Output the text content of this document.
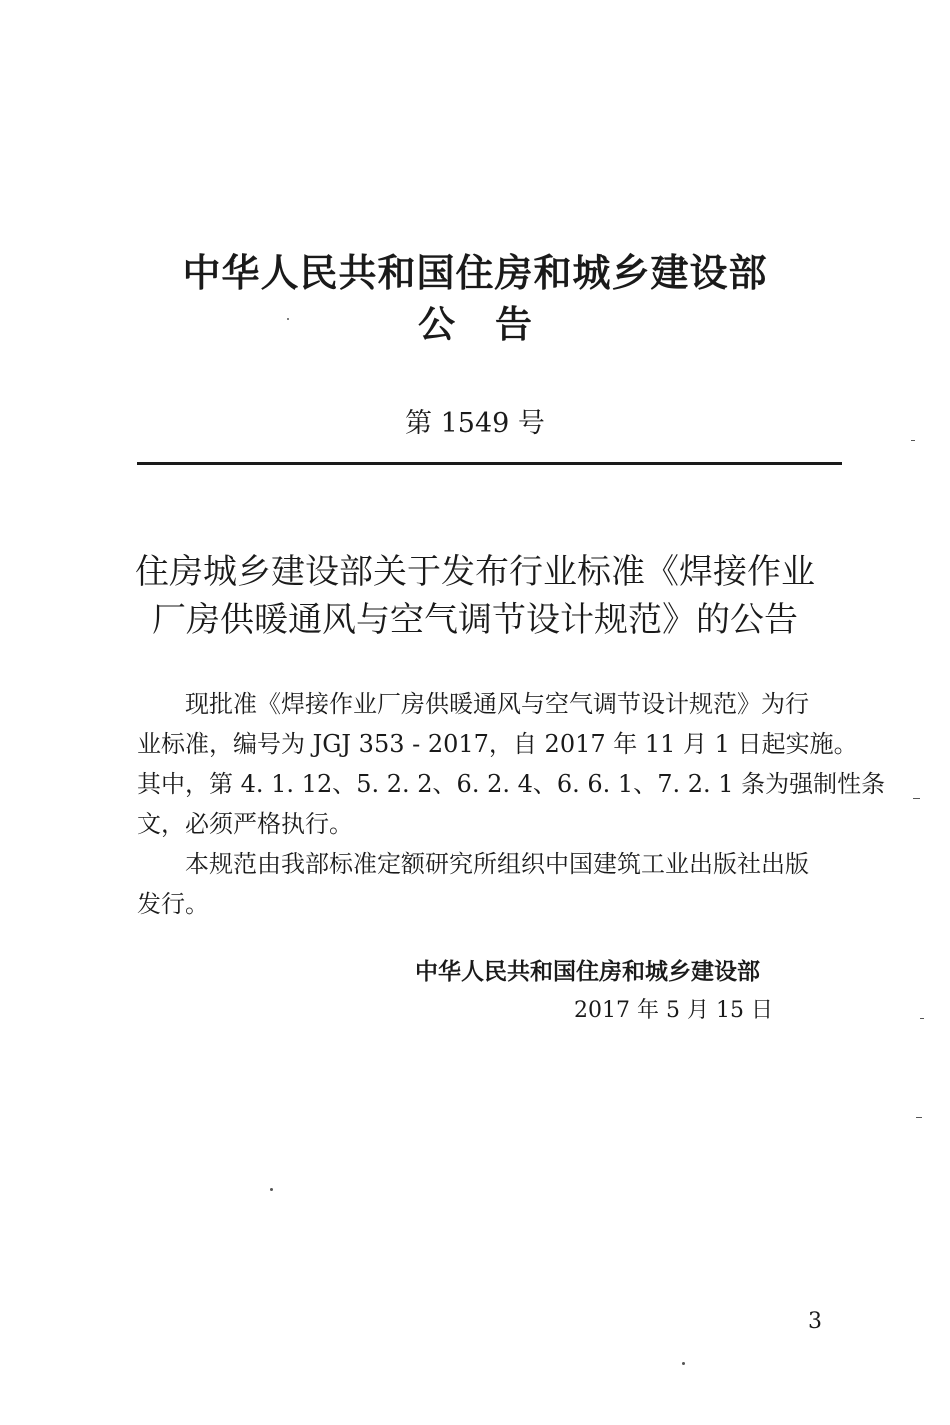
中华人民共和国住房和城乡建设部
公告

第 1549 号

住房城乡建设部关于发布行业标准《焊接作业
厂房供暖通风与空气调节设计规范》的公告
现批准《焊接作业厂房供暖通风与空气调节设计规范》为行
业标准，编号为 JGJ 353 - 2017，自 2017 年 11 月 1 日起实施。
其中，第 4. 1. 12、5. 2. 2、6. 2. 4、6. 6. 1、7. 2. 1 条为强制性条
文，必须严格执行。
本规范由我部标准定额研究所组织中国建筑工业出版社出版
发行。

中华人民共和国住房和城乡建设部

2017 年 5 月 15 日

3
